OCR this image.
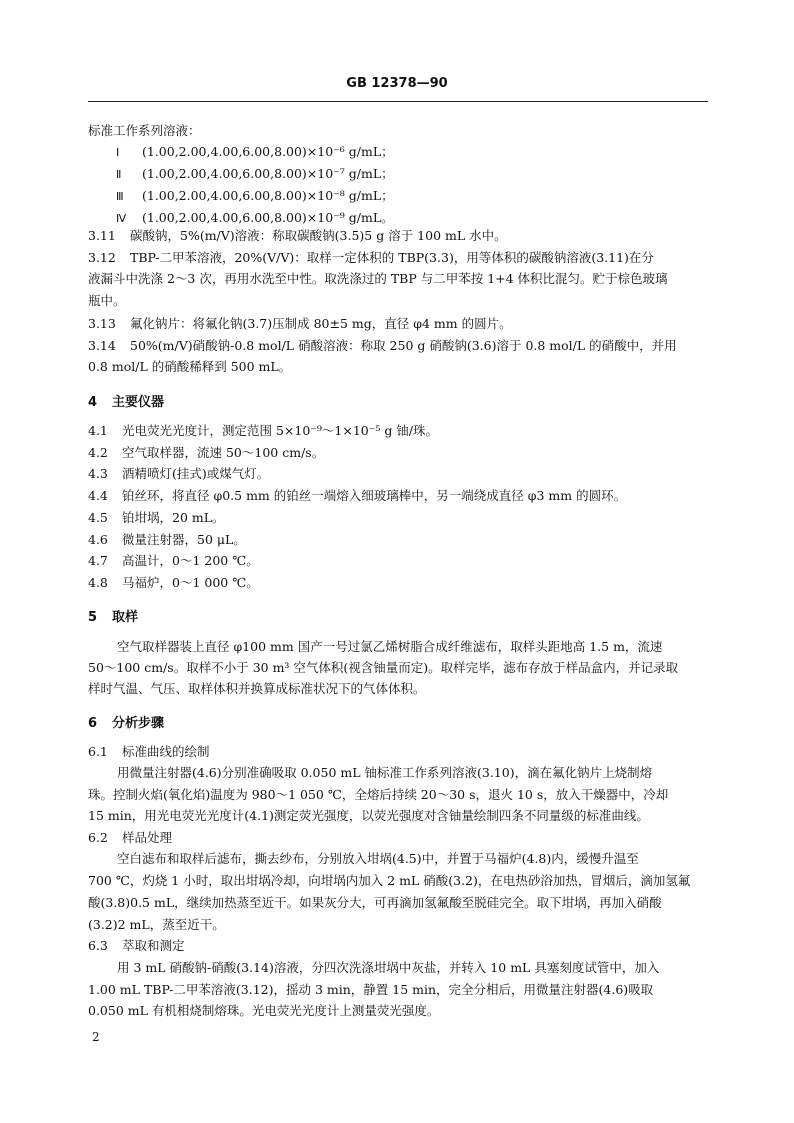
GB 12378—90
标准工作系列溶液：
Ⅰ (1.00,2.00,4.00,6.00,8.00)×10⁻⁶ g/mL；
Ⅱ (1.00,2.00,4.00,6.00,8.00)×10⁻⁷ g/mL；
Ⅲ (1.00,2.00,4.00,6.00,8.00)×10⁻⁸ g/mL；
Ⅳ (1.00,2.00,4.00,6.00,8.00)×10⁻⁹ g/mL。
3.11 碳酸钠，5%(m/V)溶液：称取碳酸钠(3.5)5 g 溶于 100 mL 水中。
3.12 TBP-二甲苯溶液，20%(V/V)：取样一定体积的 TBP(3.3)，用等体积的碳酸钠溶液(3.11)在分
液漏斗中洗涤 2～3 次，再用水洗至中性。取洗涤过的 TBP 与二甲苯按 1+4 体积比混匀。贮于棕色玻璃
瓶中。
3.13 氟化钠片：将氟化钠(3.7)压制成 80±5 mg，直径 φ4 mm 的圆片。
3.14 50%(m/V)硝酸钠-0.8 mol/L 硝酸溶液：称取 250 g 硝酸钠(3.6)溶于 0.8 mol/L 的硝酸中，并用
0.8 mol/L 的硝酸稀释到 500 mL。
4 主要仪器
4.1 光电荧光光度计，测定范围 5×10⁻⁹～1×10⁻⁵ g 铀/珠。
4.2 空气取样器，流速 50～100 cm/s。
4.3 酒精喷灯(挂式)或煤气灯。
4.4 铂丝环，将直径 φ0.5 mm 的铂丝一端熔入细玻璃棒中，另一端绕成直径 φ3 mm 的圆环。
4.5 铂坩埚，20 mL。
4.6 微量注射器，50 μL。
4.7 高温计，0～1 200 ℃。
4.8 马福炉，0～1 000 ℃。
5 取样
空气取样器装上直径 φ100 mm 国产一号过氯乙烯树脂合成纤维滤布，取样头距地高 1.5 m，流速
50～100 cm/s。取样不小于 30 m³ 空气体积(视含铀量而定)。取样完毕，滤布存放于样品盒内，并记录取
样时气温、气压、取样体积并换算成标准状况下的气体体积。
6 分析步骤
6.1 标准曲线的绘制
用微量注射器(4.6)分别准确吸取 0.050 mL 铀标准工作系列溶液(3.10)，滴在氟化钠片上烧制熔
珠。控制火焰(氧化焰)温度为 980～1 050 ℃，全熔后持续 20～30 s，退火 10 s，放入干燥器中，冷却
15 min，用光电荧光光度计(4.1)测定荧光强度，以荧光强度对含铀量绘制四条不同量级的标准曲线。
6.2 样品处理
空白滤布和取样后滤布，撕去纱布，分别放入坩埚(4.5)中，并置于马福炉(4.8)内，缓慢升温至
700 ℃，灼烧 1 小时，取出坩埚冷却，向坩埚内加入 2 mL 硝酸(3.2)，在电热砂浴加热，冒烟后，滴加氢氟
酸(3.8)0.5 mL，继续加热蒸至近干。如果灰分大，可再滴加氢氟酸至脱硅完全。取下坩埚，再加入硝酸
(3.2)2 mL，蒸至近干。
6.3 萃取和测定
用 3 mL 硝酸钠-硝酸(3.14)溶液，分四次洗涤坩埚中灰盐，并转入 10 mL 具塞刻度试管中，加入
1.00 mL TBP-二甲苯溶液(3.12)，摇动 3 min，静置 15 min，完全分相后，用微量注射器(4.6)吸取
0.050 mL 有机相烧制熔珠。光电荧光光度计上测量荧光强度。
2
